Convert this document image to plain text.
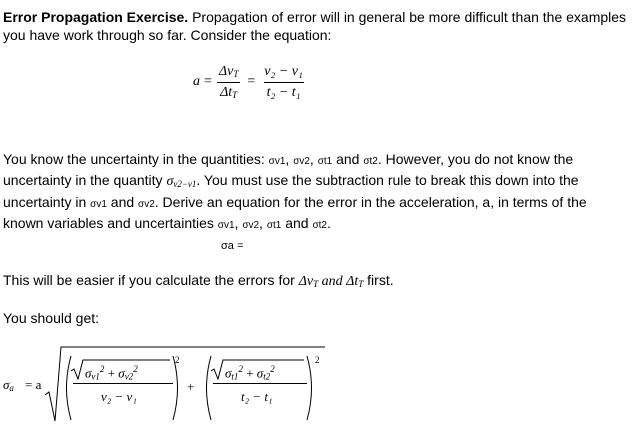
Error Propagation Exercise. Propagation of error will in general be more difficult than the examples you have work through so far. Consider the equation:
$a = \frac{\Delta v_T}{\Delta t_T} = \frac{\text{v₂ − v₁}}{\text{t₂ − t₁}}$
You know the uncertainty in the quantities: σv1, σv2, σt1 and σt2. However, you do not know the uncertainty in the quantity $\sigma_{v2-v1}$. You must use the subtraction rule to break this down into the uncertainty in σv1 and σv2. Derive an equation for the error in the acceleration, a, in terms of the known variables and uncertainties σv1, σv2, σt1 and σt2.
σa =
This will be easier if you calculate the errors for $\Delta v_T$ and $\Delta t_T$ first.
You should get:
$\sigma_a = a$
$\sigma_{v1}^2 + \sigma_{v2}^2$
v₂ − v₁
2
+
$\sigma_{t1}^2 + \sigma_{t2}^2$
t₂ − t₁
2
